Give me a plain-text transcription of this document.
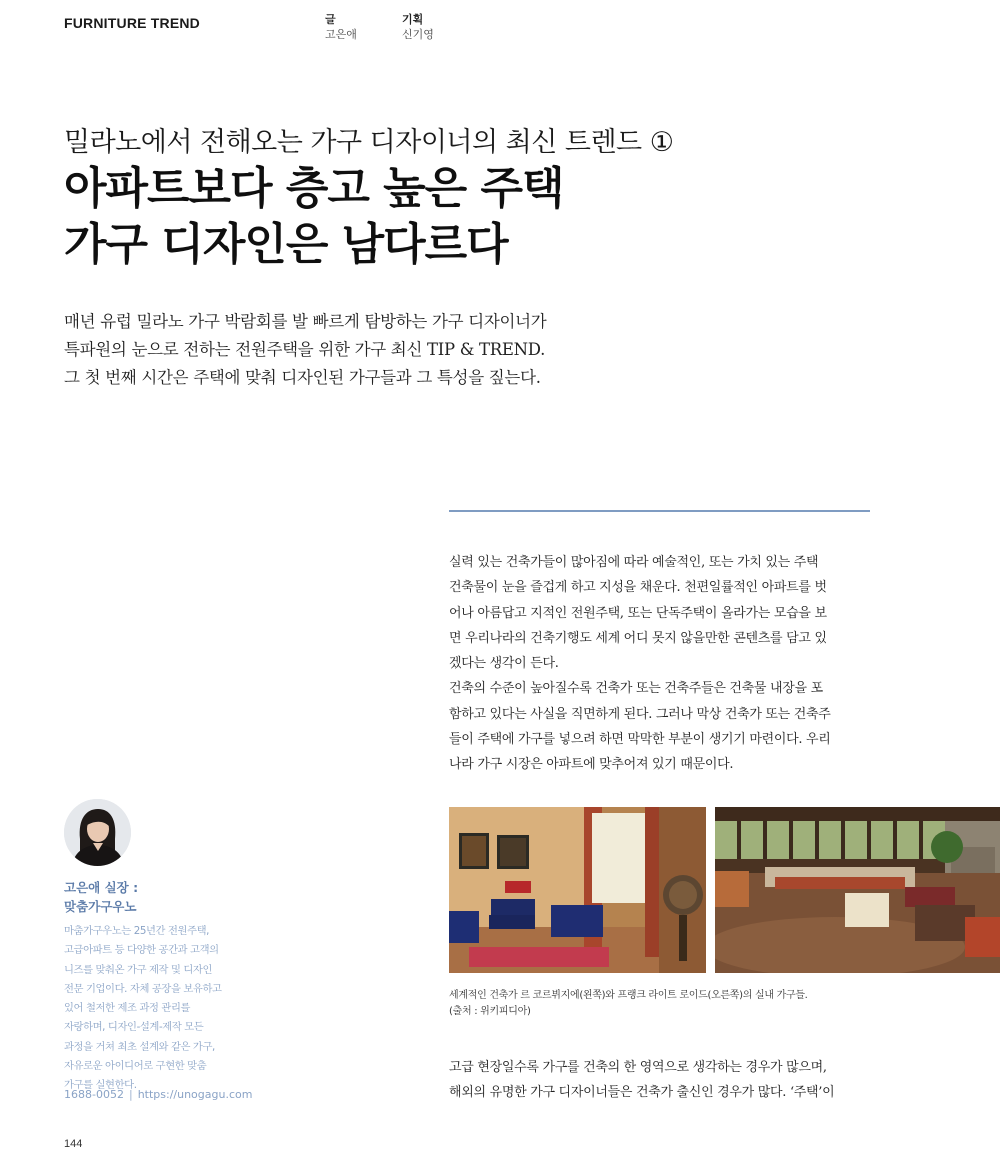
FURNITURE TREND	글
고은애
기획
신기영
밀라노에서 전해오는 가구 디자이너의 최신 트렌드 ①
아파트보다 층고 높은 주택
가구 디자인은 남다르다
매년 유럽 밀라노 가구 박람회를 발 빠르게 탐방하는 가구 디자이너가
특파원의 눈으로 전하는 전원주택을 위한 가구 최신 TIP & TREND.
그 첫 번째 시간은 주택에 맞춰 디자인된 가구들과 그 특성을 짚는다.
실력 있는 건축가들이 많아짐에 따라 예술적인, 또는 가치 있는 주택
건축물이 눈을 즐겁게 하고 지성을 채운다. 천편일률적인 아파트를 벗
어나 아름답고 지적인 전원주택, 또는 단독주택이 올라가는 모습을 보
면 우리나라의 건축기행도 세계 어디 못지 않을만한 콘텐츠를 담고 있
겠다는 생각이 든다.
건축의 수준이 높아질수록 건축가 또는 건축주들은 건축물 내장을 포
함하고 있다는 사실을 직면하게 된다. 그러나 막상 건축가 또는 건축주
들이 주택에 가구를 넣으려 하면 막막한 부분이 생기기 마련이다. 우리
나라 가구 시장은 아파트에 맞추어져 있기 때문이다.
세계적인 건축가 르 코르뷔지에(왼쪽)와 프랭크 라이트 로이드(오른쪽)의 실내 가구들.
(출처 : 위키피디아)
고급 현장일수록 가구를 건축의 한 영역으로 생각하는 경우가 많으며,
해외의 유명한 가구 디자이너들은 건축가 출신인 경우가 많다. ‘주택’이
고은애 실장 :
맞춤가구우노
마춤가구우노는 25년간 전원주택,
고급아파트 등 다양한 공간과 고객의
니즈를 맞춰온 가구 제작 및 디자인
전문 기업이다. 자체 공장을 보유하고
있어 철저한 제조 과정 관리를
자랑하며, 디자인-설계-제작 모든
과정을 거쳐 최초 설계와 같은 가구,
자유로운 아이디어로 구현한 맞춤
가구를 실현한다.
1688-0052 | https://unogagu.com
144
